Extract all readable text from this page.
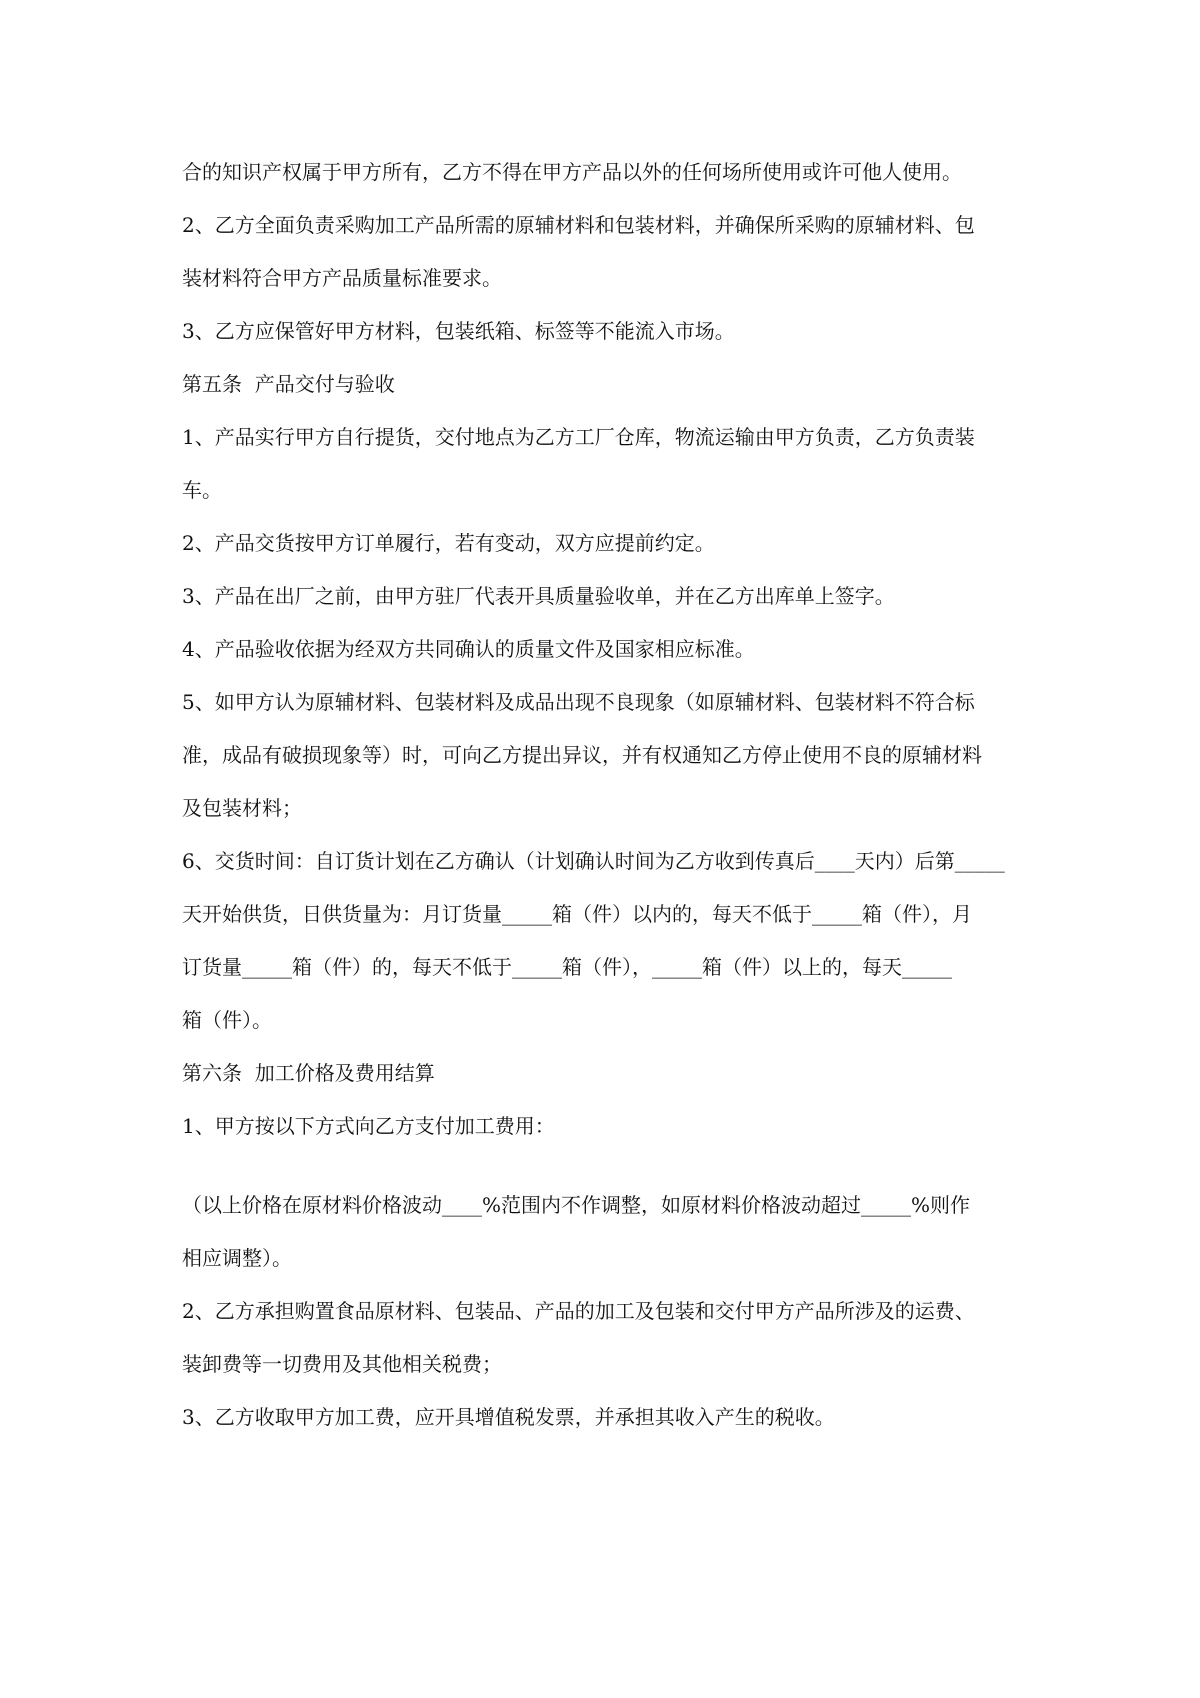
合的知识产权属于甲方所有，乙方不得在甲方产品以外的任何场所使用或许可他人使用。
2、乙方全面负责采购加工产品所需的原辅材料和包装材料，并确保所采购的原辅材料、包
装材料符合甲方产品质量标准要求。
3、乙方应保管好甲方材料，包装纸箱、标签等不能流入市场。
第五条  产品交付与验收
1、产品实行甲方自行提货，交付地点为乙方工厂仓库，物流运输由甲方负责，乙方负责装
车。
2、产品交货按甲方订单履行，若有变动，双方应提前约定。
3、产品在出厂之前，由甲方驻厂代表开具质量验收单，并在乙方出库单上签字。
4、产品验收依据为经双方共同确认的质量文件及国家相应标准。
5、如甲方认为原辅材料、包装材料及成品出现不良现象（如原辅材料、包装材料不符合标
准，成品有破损现象等）时，可向乙方提出异议，并有权通知乙方停止使用不良的原辅材料
及包装材料；
6、交货时间：自订货计划在乙方确认（计划确认时间为乙方收到传真后____天内）后第_____
天开始供货，日供货量为：月订货量_____箱（件）以内的，每天不低于_____箱（件），月
订货量_____箱（件）的，每天不低于_____箱（件），_____箱（件）以上的，每天_____
箱（件）。
第六条  加工价格及费用结算
1、甲方按以下方式向乙方支付加工费用：
（以上价格在原材料价格波动____%范围内不作调整，如原材料价格波动超过_____%则作
相应调整）。
2、乙方承担购置食品原材料、包装品、产品的加工及包装和交付甲方产品所涉及的运费、
装卸费等一切费用及其他相关税费；
3、乙方收取甲方加工费，应开具增值税发票，并承担其收入产生的税收。
